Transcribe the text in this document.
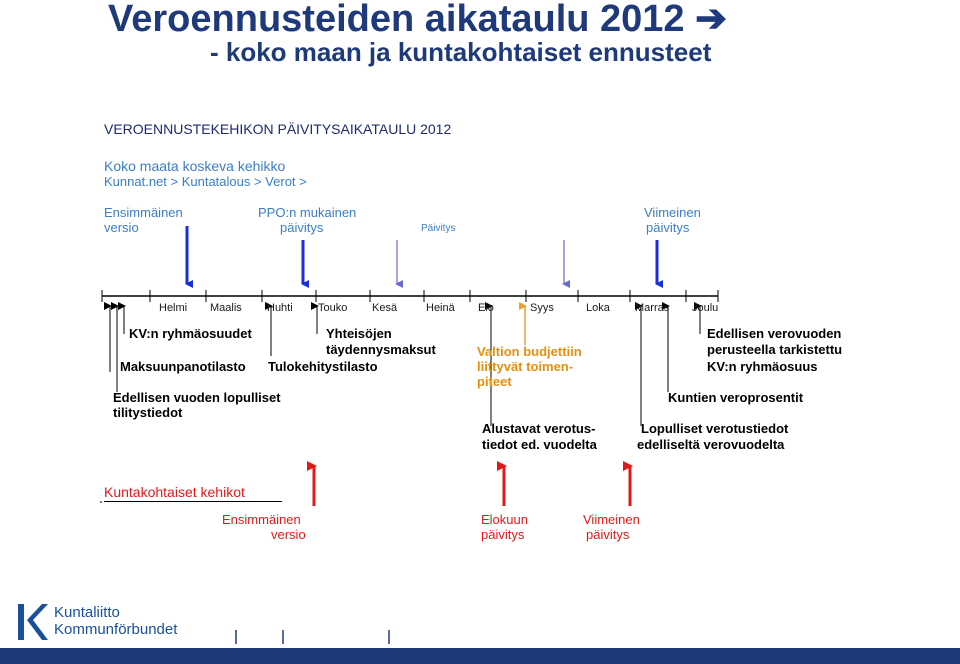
Veroennusteiden aikataulu 2012 ➔
- koko maan ja kuntakohtaiset ennusteet
VEROENNUSTEKEHIKON PÄIVITYSAIKATAULU 2012
Koko maata koskeva kehikko
Kunnat.net > Kuntatalous > Verot >
Ensimmäinen
versio
PPO:n mukainen
päivitys	Päivitys
Viimeinen
päivitys
Helmi Maalis Huhti Touko Kesä	Heinä Elo	Syys	Loka Marras Joulu
KV:n ryhmäosuudet
Maksuunpanotilasto
Edellisen vuoden lopulliset
tilitystiedot
Yhteisöjen
täydennysmaksut
Tulokehitystilasto
Valtion budjettiin
liittyvät toimen-
piteet
Alustavat verotus-
tiedot ed. vuodelta
Edellisen verovuoden
perusteella tarkistettu
KV:n ryhmäosuus
Kuntien veroprosentit
Lopulliset verotustiedot
edelliseltä verovuodelta
Kuntakohtaiset kehikot
Ensimmäinen
versio
Elokuun
päivitys
Viimeinen
päivitys
Kuntaliitto
Kommunförbundet
